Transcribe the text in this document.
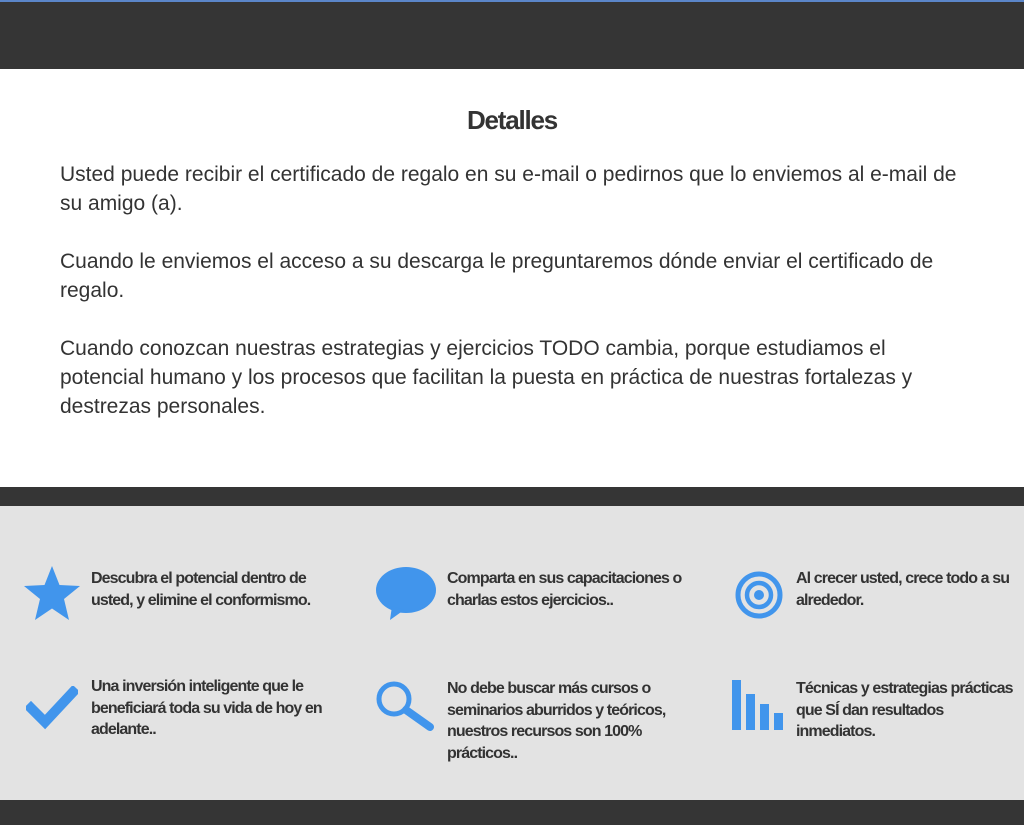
Detalles

Usted puede recibir el certificado de regalo en su e-mail o pedirnos que lo enviemos al e-mail de su amigo (a).

Cuando le enviemos el acceso a su descarga le preguntaremos dónde enviar el certificado de regalo.

Cuando conozcan nuestras estrategias y ejercicios TODO cambia, porque estudiamos el potencial humano y los procesos que facilitan la puesta en práctica de nuestras fortalezas y destrezas personales.

Descubra el potencial dentro de usted, y elimine el conformismo.
Comparta en sus capacitaciones o charlas estos ejercicios..
Al crecer usted, crece todo a su alrededor.
Una inversión inteligente que le beneficiará toda su vida de hoy en adelante..
No debe buscar más cursos o seminarios aburridos y teóricos, nuestros recursos son 100% prácticos..
Técnicas y estrategias prácticas que SÍ dan resultados inmediatos.
